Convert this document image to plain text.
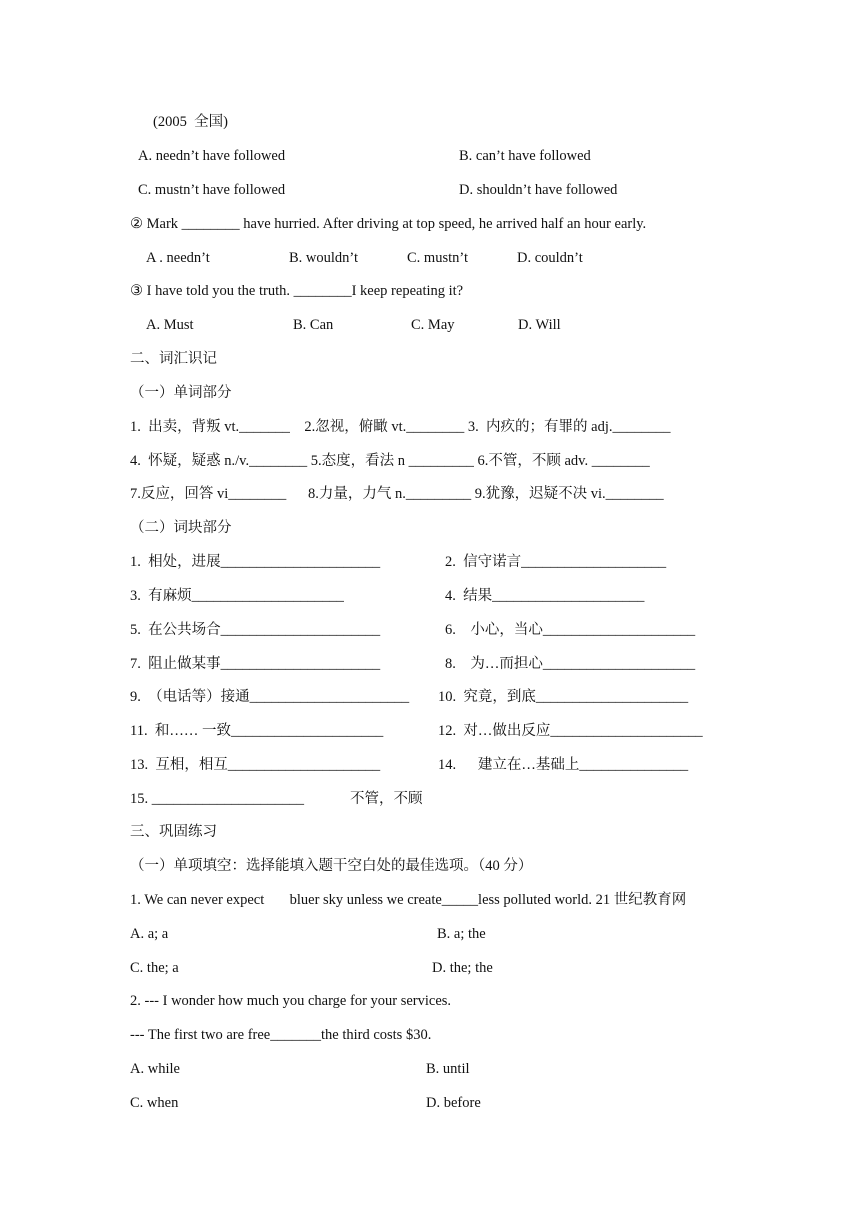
(2005  全国)
A. needn’t have followed	B. can’t have followed
C. mustn’t have followed	D. shouldn’t have followed
② Mark ________ have hurried. After driving at top speed, he arrived half an hour early.
A . needn’t	B. wouldn’t	C. mustn’t	D. couldn’t
③ I have told you the truth. ________I keep repeating it?
A. Must	B. Can	C. May	D. Will
二、词汇识记
（一）单词部分
1.  出卖，背叛 vt._______    2.忽视，俯瞰 vt.________ 3.  内疚的；有罪的 adj.________
4.  怀疑，疑惑 n./v.________ 5.态度，看法 n _________ 6.不管，不顾 adv. ________
7.反应，回答 vi________      8.力量，力气 n._________ 9.犹豫，迟疑不决 vi.________
（二）词块部分
1.  相处，进展______________________	2.  信守诺言____________________
3.  有麻烦_____________________	4.  结果_____________________
5.  在公共场合______________________	6.    小心，当心_____________________
7.  阻止做某事______________________	8.    为…而担心_____________________
9.  （电话等）接通______________________ 10.  究竟，到底_____________________
11.  和…… 一致_____________________	12.  对…做出反应_____________________
13.  互相，相互_____________________	14.      建立在…基础上_______________
15. _____________________	不管，不顾
三、巩固练习
（一）单项填空：选择能填入题干空白处的最佳选项。（40 分）
1. We can never expect       bluer sky unless we create_____less polluted world. 21 世纪教育网
A. a; a	B. a; the
C. the; a	D. the; the
2. --- I wonder how much you charge for your services.
--- The first two are free_______the third costs $30.
A. while	B. until
C. when	D. before
